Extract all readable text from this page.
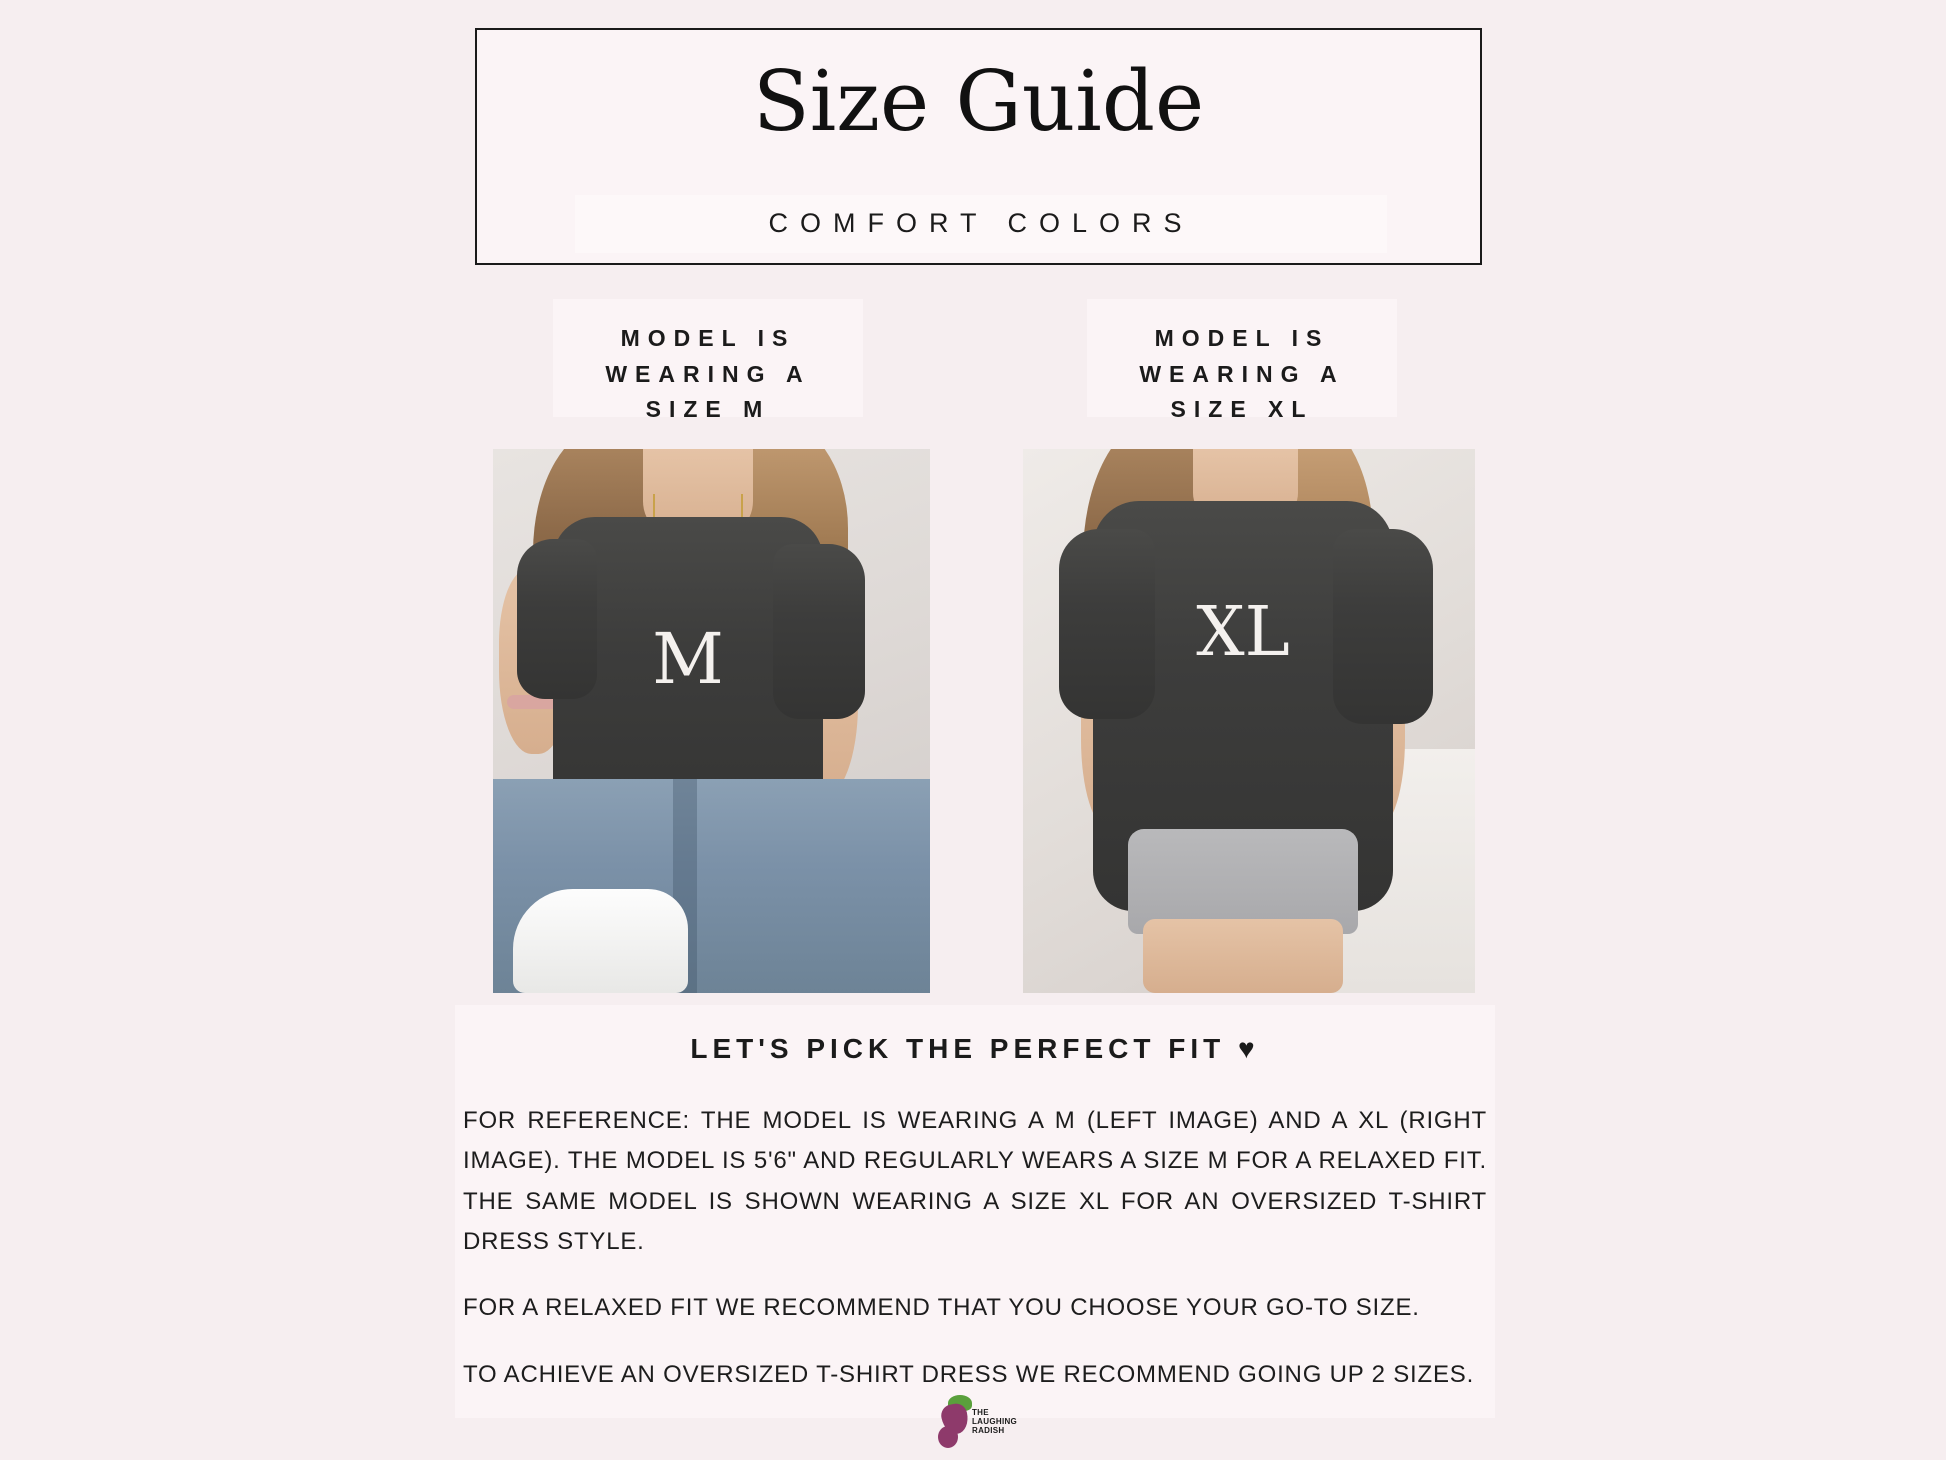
Size Guide
COMFORT COLORS
MODEL IS
WEARING A
SIZE M
MODEL IS
WEARING A
SIZE XL
M	XL
LET'S PICK THE PERFECT FIT ♥

FOR REFERENCE: THE MODEL IS WEARING A M (LEFT IMAGE) AND A XL (RIGHT IMAGE). THE MODEL IS 5'6" AND REGULARLY WEARS A SIZE M FOR A RELAXED FIT. THE SAME MODEL IS SHOWN WEARING A SIZE XL FOR AN OVERSIZED T-SHIRT DRESS STYLE.

FOR A RELAXED FIT WE RECOMMEND THAT YOU CHOOSE YOUR GO-TO SIZE.

TO ACHIEVE AN OVERSIZED T-SHIRT DRESS WE RECOMMEND GOING UP 2 SIZES.

THE
LAUGHING
RADISH
